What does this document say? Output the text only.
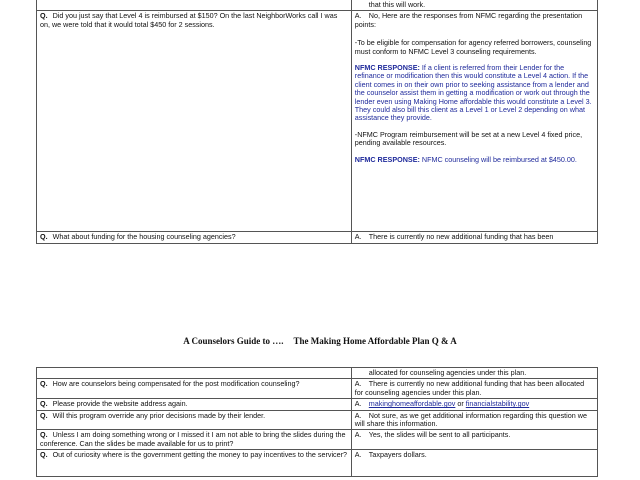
	that this will work.
Q. Did you just say that Level 4 is reimbursed at $150? On the last NeighborWorks call I was on, we were told that it would total $450 for 2 sessions.	A. No, Here are the responses from NFMC regarding the presentation points:

-To be eligible for compensation for agency referred borrowers, counseling must conform to NFMC Level 3 counseling requirements.

NFMC RESPONSE: If a client is referred from their Lender for the refinance or modification then this would constitute a Level 4 action. If the client comes in on their own prior to seeking assistance from a lender and the counselor assist them in getting a modification or work out through the lender even using Making Home affordable this would constitute a Level 3. They could also bill this client as a Level 1 or Level 2 depending on what assistance they provide.

-NFMC Program reimbursement will be set at a new Level 4 fixed price, pending available resources.

NFMC RESPONSE: NFMC counseling will be reimbursed at $450.00.

Q. What about funding for the housing counseling agencies?	A. There is currently no new additional funding that has been
A Counselors Guide to …. The Making Home Affordable Plan Q & A
	allocated for counseling agencies under this plan.
Q. How are counselors being compensated for the post modification counseling?	A. There is currently no new additional funding that has been allocated for counseling agencies under this plan.
Q. Please provide the website address again.	A. makinghomeaffordable.gov or financialstability.gov
Q. Will this program override any prior decisions made by their lender.	A. Not sure, as we get additional information regarding this question we will share this information.
Q. Unless I am doing something wrong or I missed it I am not able to bring the slides during the conference. Can the slides be made available for us to print?	A. Yes, the slides will be sent to all participants.
Q. Out of curiosity where is the government getting the money to pay incentives to the servicer?	A. Taxpayers dollars.
